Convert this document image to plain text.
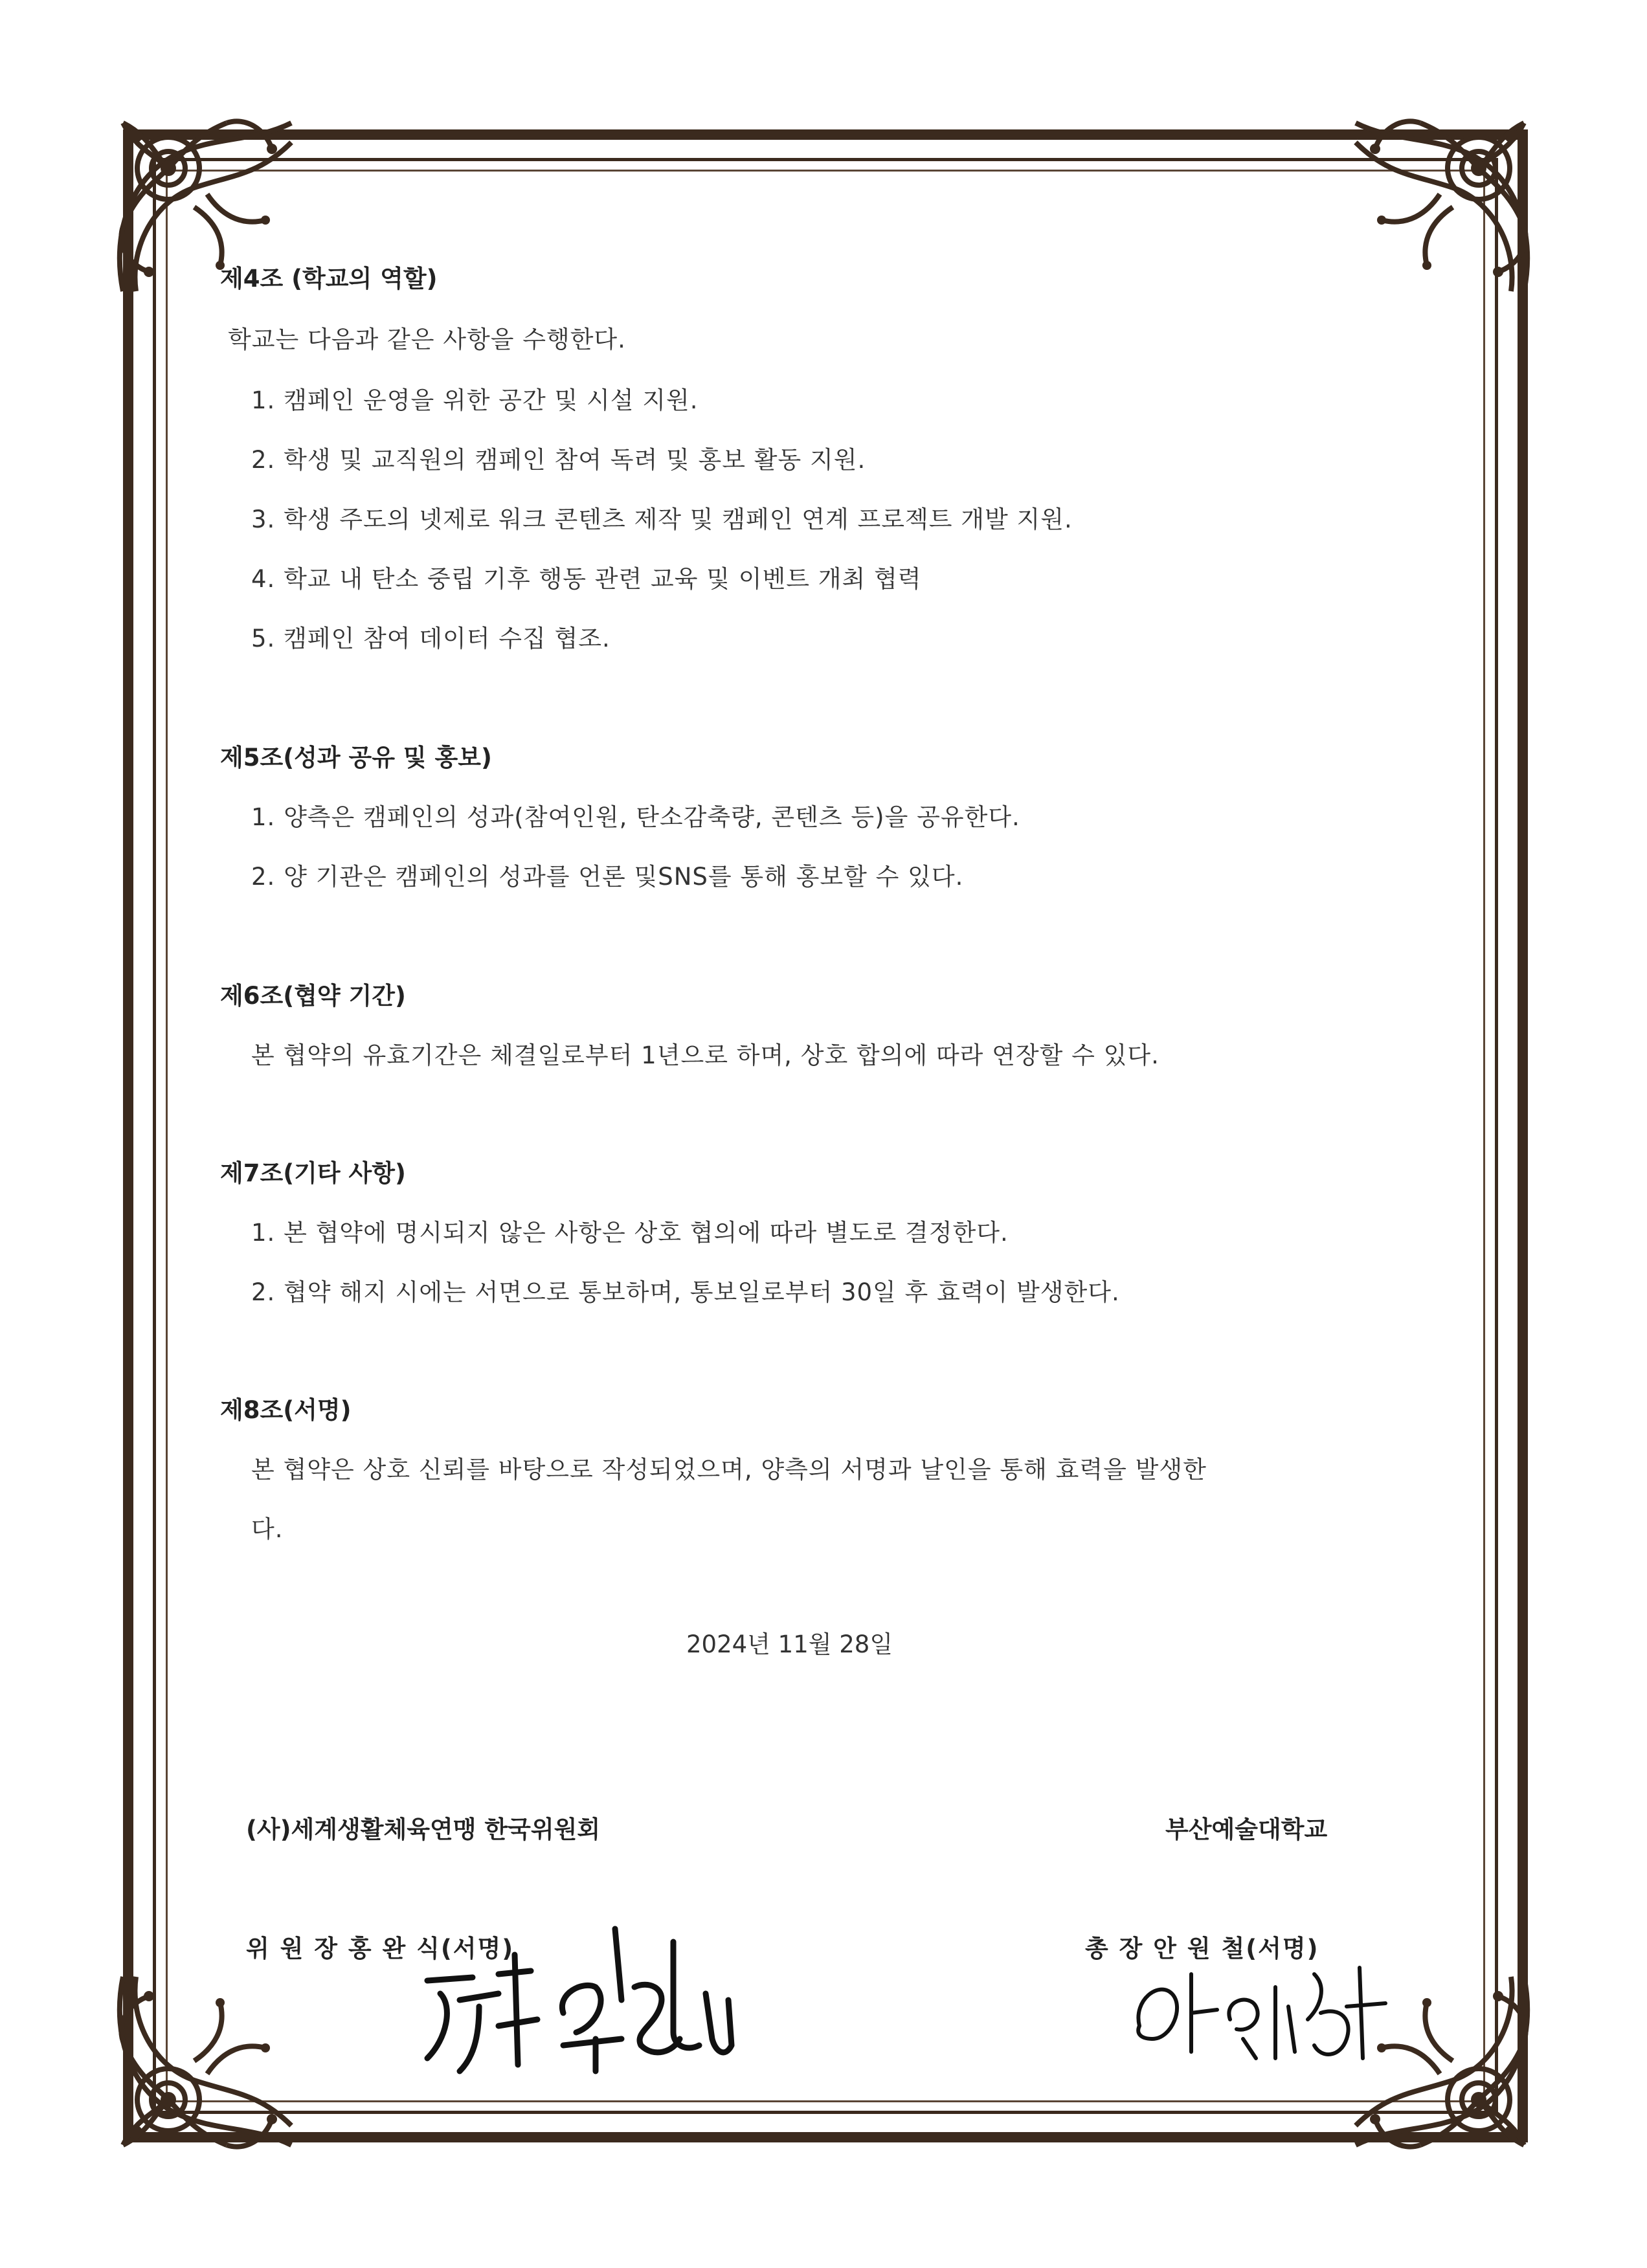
제4조 (학교의 역할)
학교는 다음과 같은 사항을 수행한다.
1. 캠페인 운영을 위한 공간 및 시설 지원.
2. 학생 및 교직원의 캠페인 참여 독려 및 홍보 활동 지원.
3. 학생 주도의 넷제로 워크 콘텐츠 제작 및 캠페인 연계 프로젝트 개발 지원.
4. 학교 내 탄소 중립 기후 행동 관련 교육 및 이벤트 개최 협력
5. 캠페인 참여 데이터 수집 협조.
제5조(성과 공유 및 홍보)
1. 양측은 캠페인의 성과(참여인원, 탄소감축량, 콘텐츠 등)을 공유한다.
2. 양 기관은 캠페인의 성과를 언론 및SNS를 통해 홍보할 수 있다.
제6조(협약 기간)
본 협약의 유효기간은 체결일로부터 1년으로 하며, 상호 합의에 따라 연장할 수 있다.
제7조(기타 사항)
1. 본 협약에 명시되지 않은 사항은 상호 협의에 따라 별도로 결정한다.
2. 협약 해지 시에는 서면으로 통보하며, 통보일로부터 30일 후 효력이 발생한다.
제8조(서명)
본 협약은 상호 신뢰를 바탕으로 작성되었으며, 양측의 서명과 날인을 통해 효력을 발생한
다.
2024년 11월 28일
(사)세계생활체육연맹 한국위원회	부산예술대학교
위 원 장 홍 완 식(서명)	총 장 안 원 철(서명)
